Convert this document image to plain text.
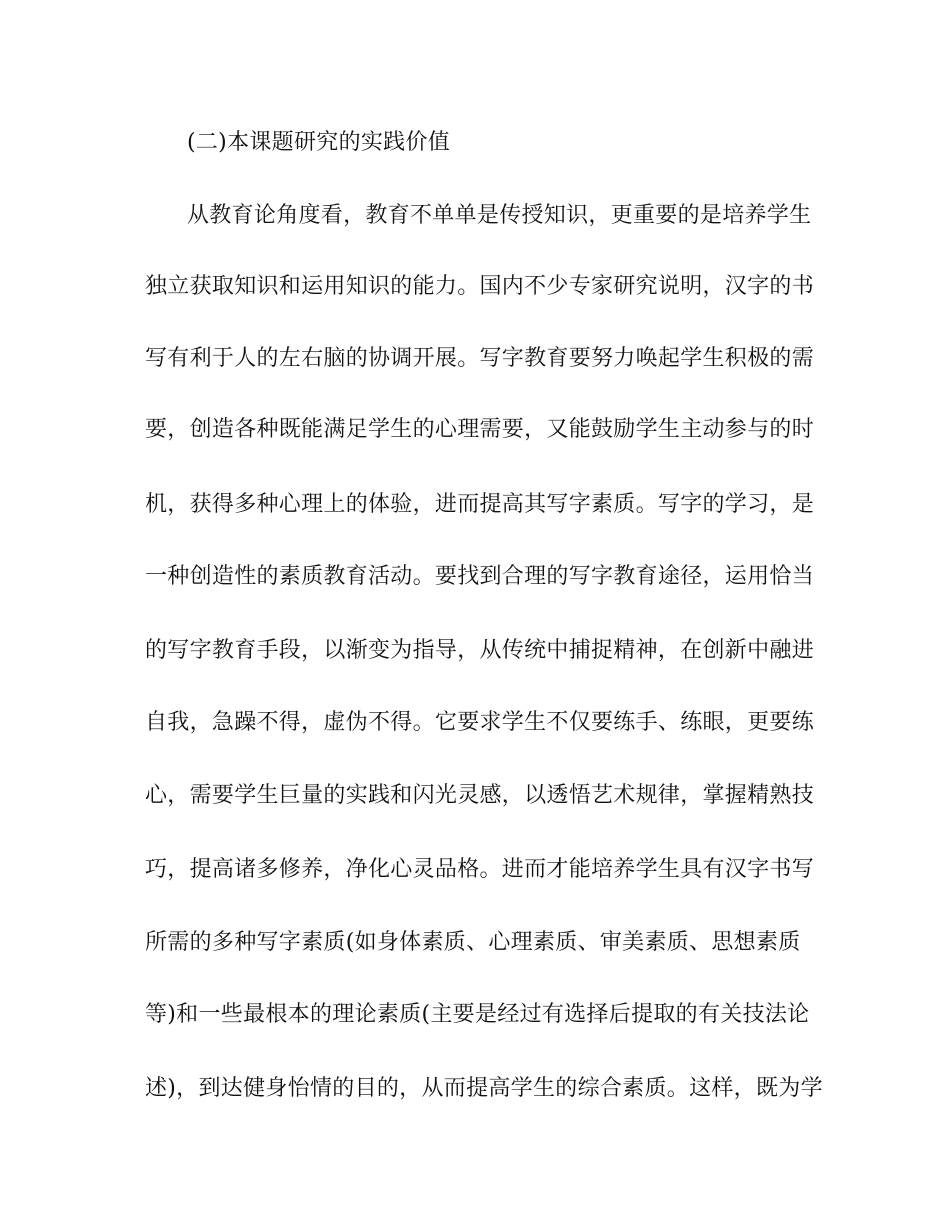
(二)本课题研究的实践价值
从教育论角度看，教育不单单是传授知识，更重要的是培养学生
独立获取知识和运用知识的能力。国内不少专家研究说明，汉字的书
写有利于人的左右脑的协调开展。写字教育要努力唤起学生积极的需
要，创造各种既能满足学生的心理需要，又能鼓励学生主动参与的时
机，获得多种心理上的体验，进而提高其写字素质。写字的学习，是
一种创造性的素质教育活动。要找到合理的写字教育途径，运用恰当
的写字教育手段，以渐变为指导，从传统中捕捉精神，在创新中融进
自我，急躁不得，虚伪不得。它要求学生不仅要练手、练眼，更要练
心，需要学生巨量的实践和闪光灵感，以透悟艺术规律，掌握精熟技
巧，提高诸多修养，净化心灵品格。进而才能培养学生具有汉字书写
所需的多种写字素质(如身体素质、心理素质、审美素质、思想素质
等)和一些最根本的理论素质(主要是经过有选择后提取的有关技法论
述)，到达健身怡情的目的，从而提高学生的综合素质。这样，既为学
